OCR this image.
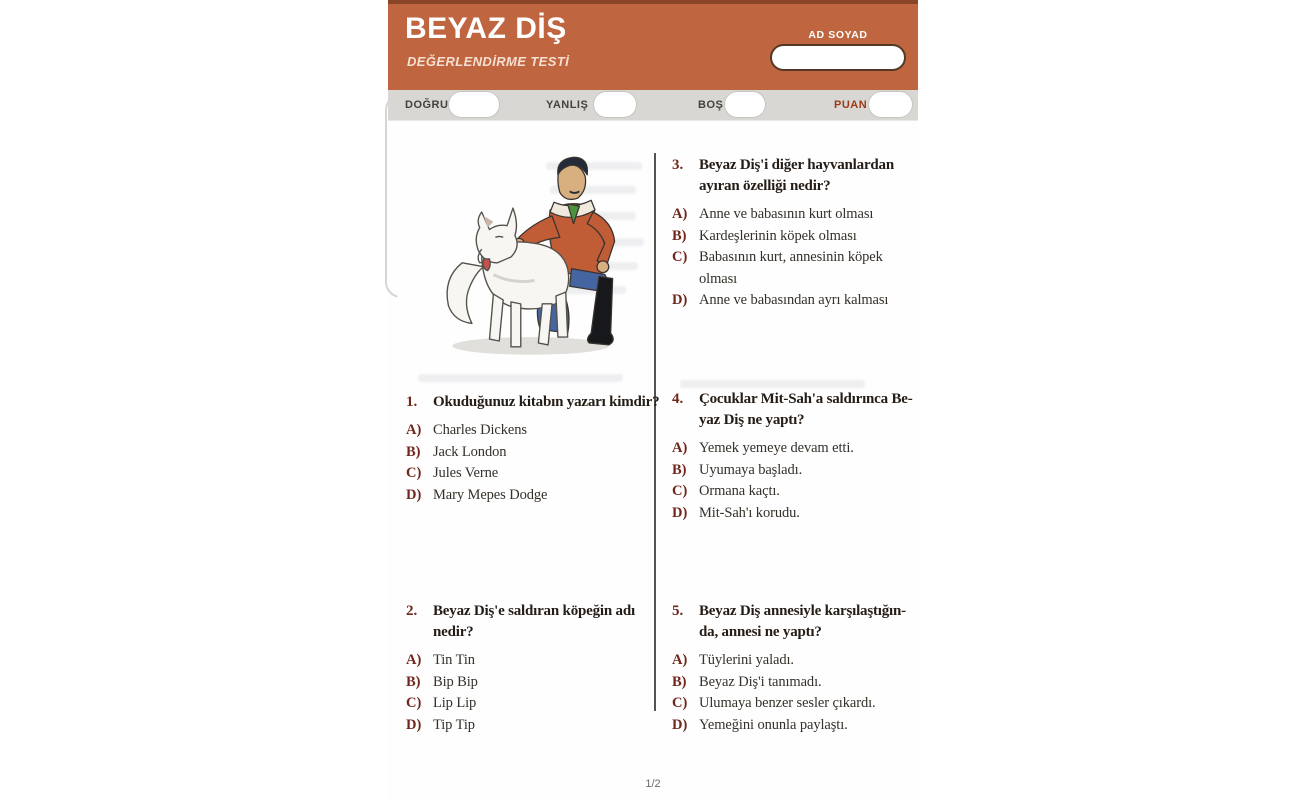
BEYAZ DİŞ
DEĞERLENDİRME TESTİ
AD SOYAD
DOĞRU	YANLIŞ	BOŞ	PUAN
1.	Okuduğunuz kitabın yazarı kimdir?
A) Charles Dickens
B) Jack London
C) Jules Verne
D) Mary Mepes Dodge
2.	Beyaz Diş'e saldıran köpeğin adı
nedir?
A) Tin Tin
B) Bip Bip
C) Lip Lip
D) Tip Tip
3.	Beyaz Diş'i diğer hayvanlardan
ayıran özelliği nedir?
A) Anne ve babasının kurt olması
B) Kardeşlerinin köpek olması
C) Babasının kurt, annesinin köpek olması
D) Anne ve babasından ayrı kalması
4.	Çocuklar Mit-Sah'a saldırınca Be-
yaz Diş ne yaptı?
A) Yemek yemeye devam etti.
B) Uyumaya başladı.
C) Ormana kaçtı.
D) Mit-Sah'ı korudu.
5.	Beyaz Diş annesiyle karşılaştığın-
da, annesi ne yaptı?
A) Tüylerini yaladı.
B) Beyaz Diş'i tanımadı.
C) Ulumaya benzer sesler çıkardı.
D) Yemeğini onunla paylaştı.
1/2
